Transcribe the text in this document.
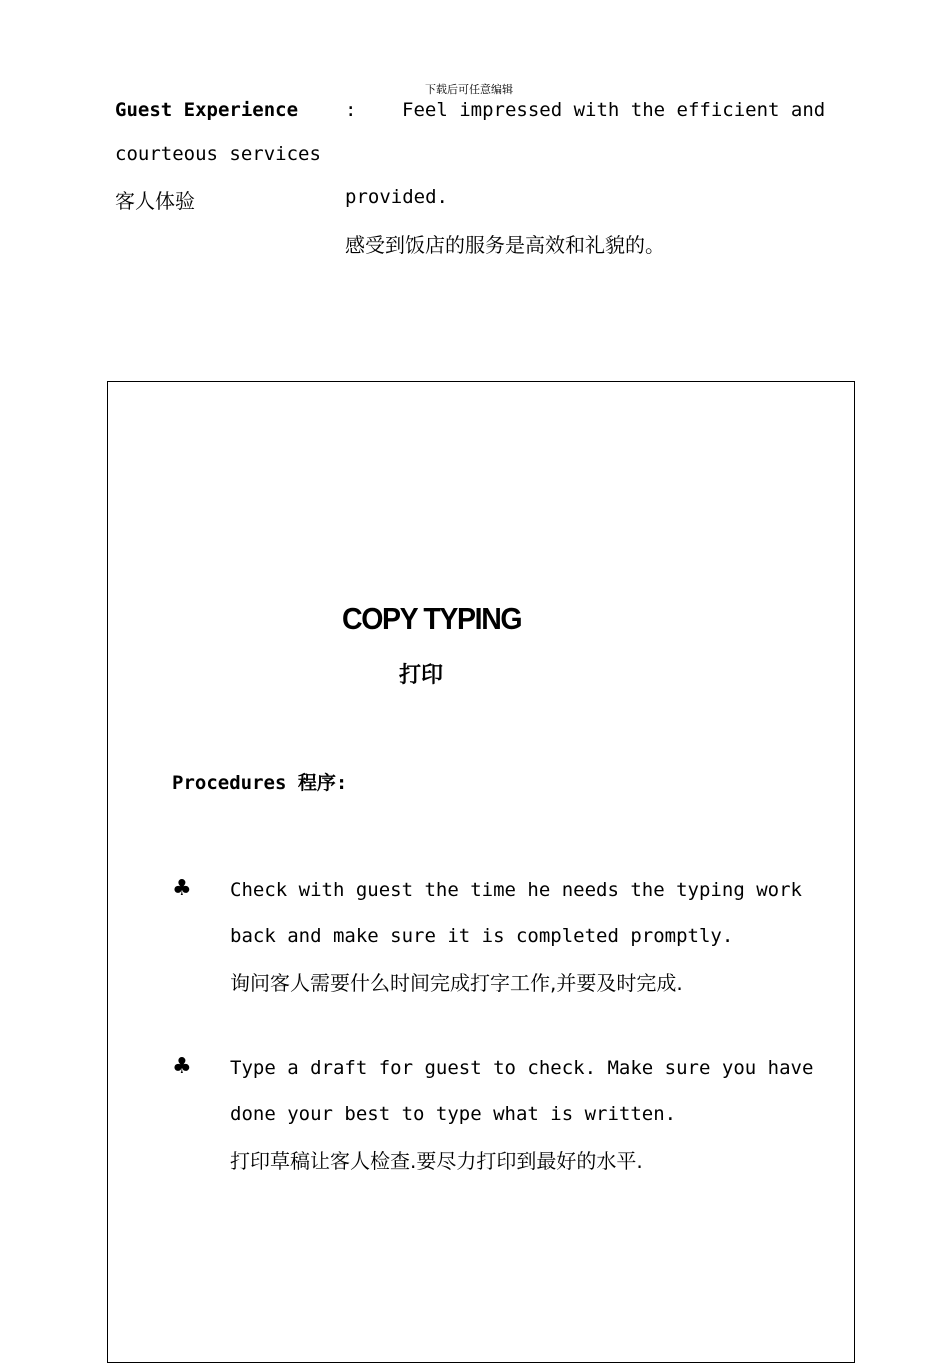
下载后可任意编辑
Guest Experience : Feel impressed with the efficient and
courteous services
客人体验	provided.
感受到饭店的服务是高效和礼貌的。
COPY TYPING
打印
Procedures 程序:
♣ Check with guest the time he needs the typing work
back and make sure it is completed promptly.
询问客人需要什么时间完成打字工作,并要及时完成.
♣ Type a draft for guest to check. Make sure you have
done your best to type what is written.
打印草稿让客人检查.要尽力打印到最好的水平.
